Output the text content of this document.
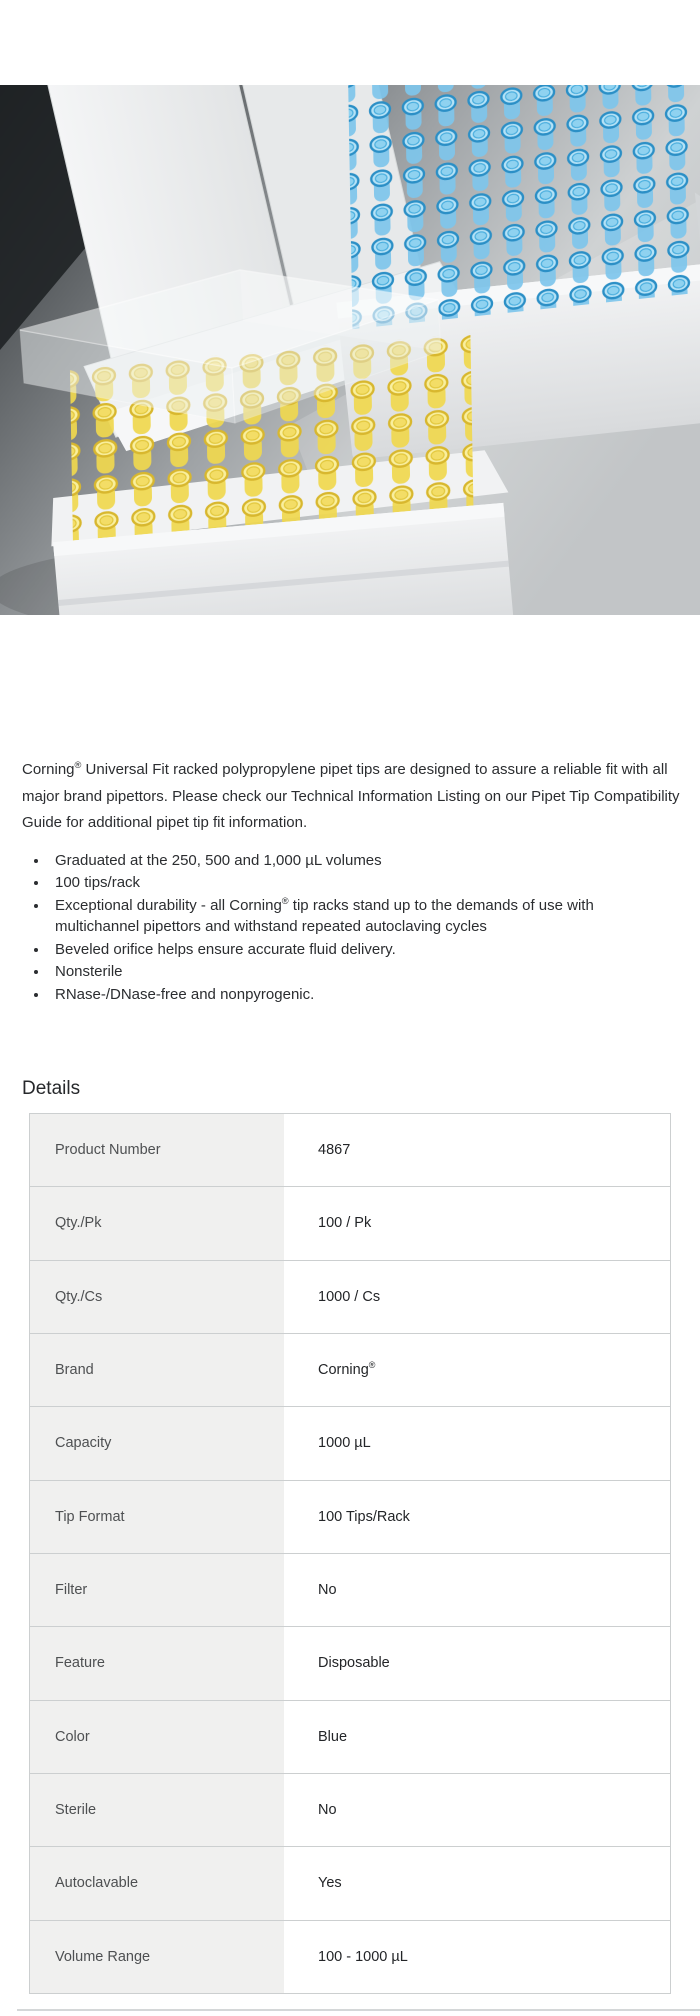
Corning® Universal Fit racked polypropylene pipet tips are designed to assure a reliable fit with all major brand pipettors. Please check our Technical Information Listing on our Pipet Tip Compatibility Guide for additional pipet tip fit information.

• Graduated at the 250, 500 and 1,000 µL volumes
• 100 tips/rack
• Exceptional durability - all Corning® tip racks stand up to the demands of use with multichannel pipettors and withstand repeated autoclaving cycles
• Beveled orifice helps ensure accurate fluid delivery.
• Nonsterile
• RNase-/DNase-free and nonpyrogenic.
Details
Product Number	4867
Qty./Pk	100 / Pk
Qty./Cs	1000 / Cs
Brand	Corning®
Capacity	1000 µL
Tip Format	100 Tips/Rack
Filter	No
Feature	Disposable
Color	Blue
Sterile	No
Autoclavable	Yes
Volume Range	100 - 1000 µL
